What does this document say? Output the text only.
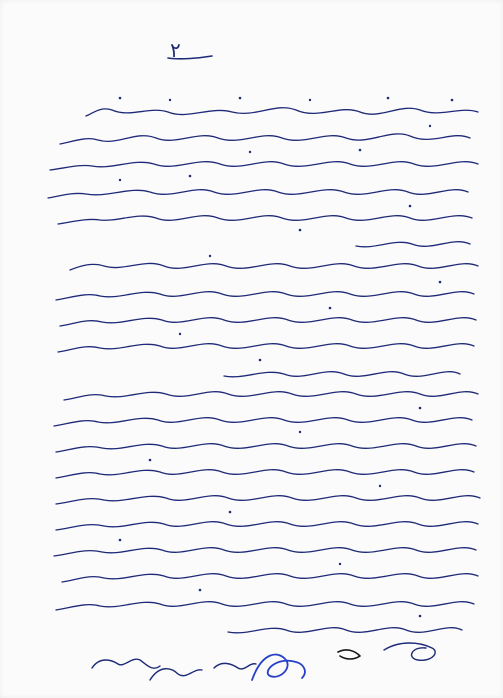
٢
